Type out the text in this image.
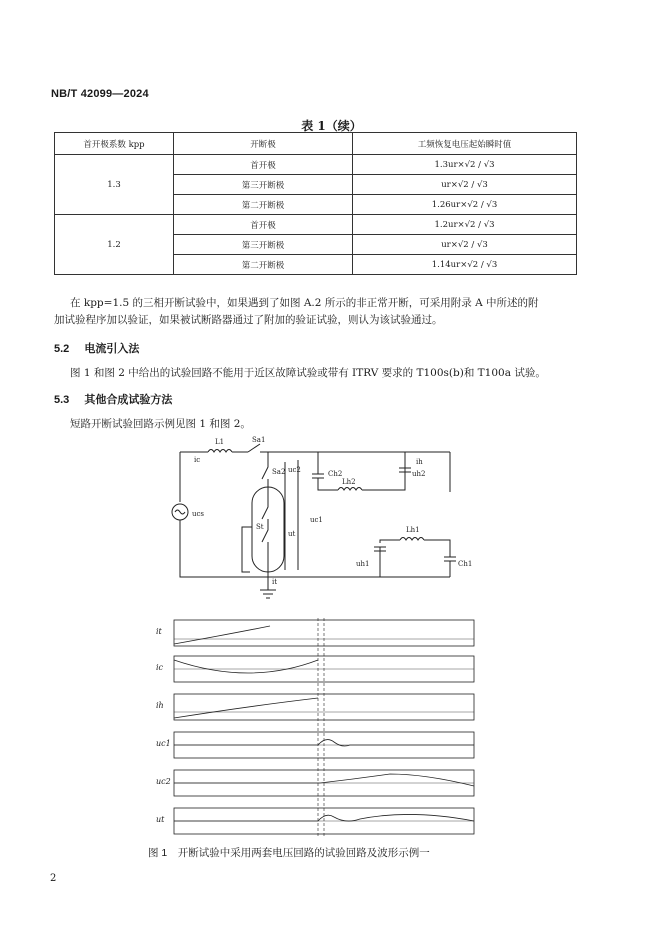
NB/T 42099—2024
表 1（续）
首开极系数 kpp	开断极	工频恢复电压起始瞬时值
1.3	首开极	1.3ur×√2 / √3
	第三开断极	ur×√2 / √3
	第二开断极	1.26ur×√2 / √3
1.2	首开极	1.2ur×√2 / √3
	第三开断极	ur×√2 / √3
	第二开断极	1.14ur×√2 / √3
在 kpp=1.5 的三相开断试验中，如果遇到了如图 A.2 所示的非正常开断，可采用附录 A 中所述的附
加试验程序加以验证，如果被试断路器通过了附加的验证试验，则认为该试验通过。
5.2 电流引入法
图 1 和图 2 中给出的试验回路不能用于近区故障试验或带有 ITRV 要求的 T100s(b)和 T100a 试验。
5.3 其他合成试验方法
短路开断试验回路示例见图 1 和图 2。
L1	Sa1
Sa2 uc2	Ch2
Lh2
ih
uh2
ic
ucs
St
ut
uc1
it
Lh1
uh1	Ch1
it
ic
ih
uc1
uc2
ut
图 1　开断试验中采用两套电压回路的试验回路及波形示例一
2
